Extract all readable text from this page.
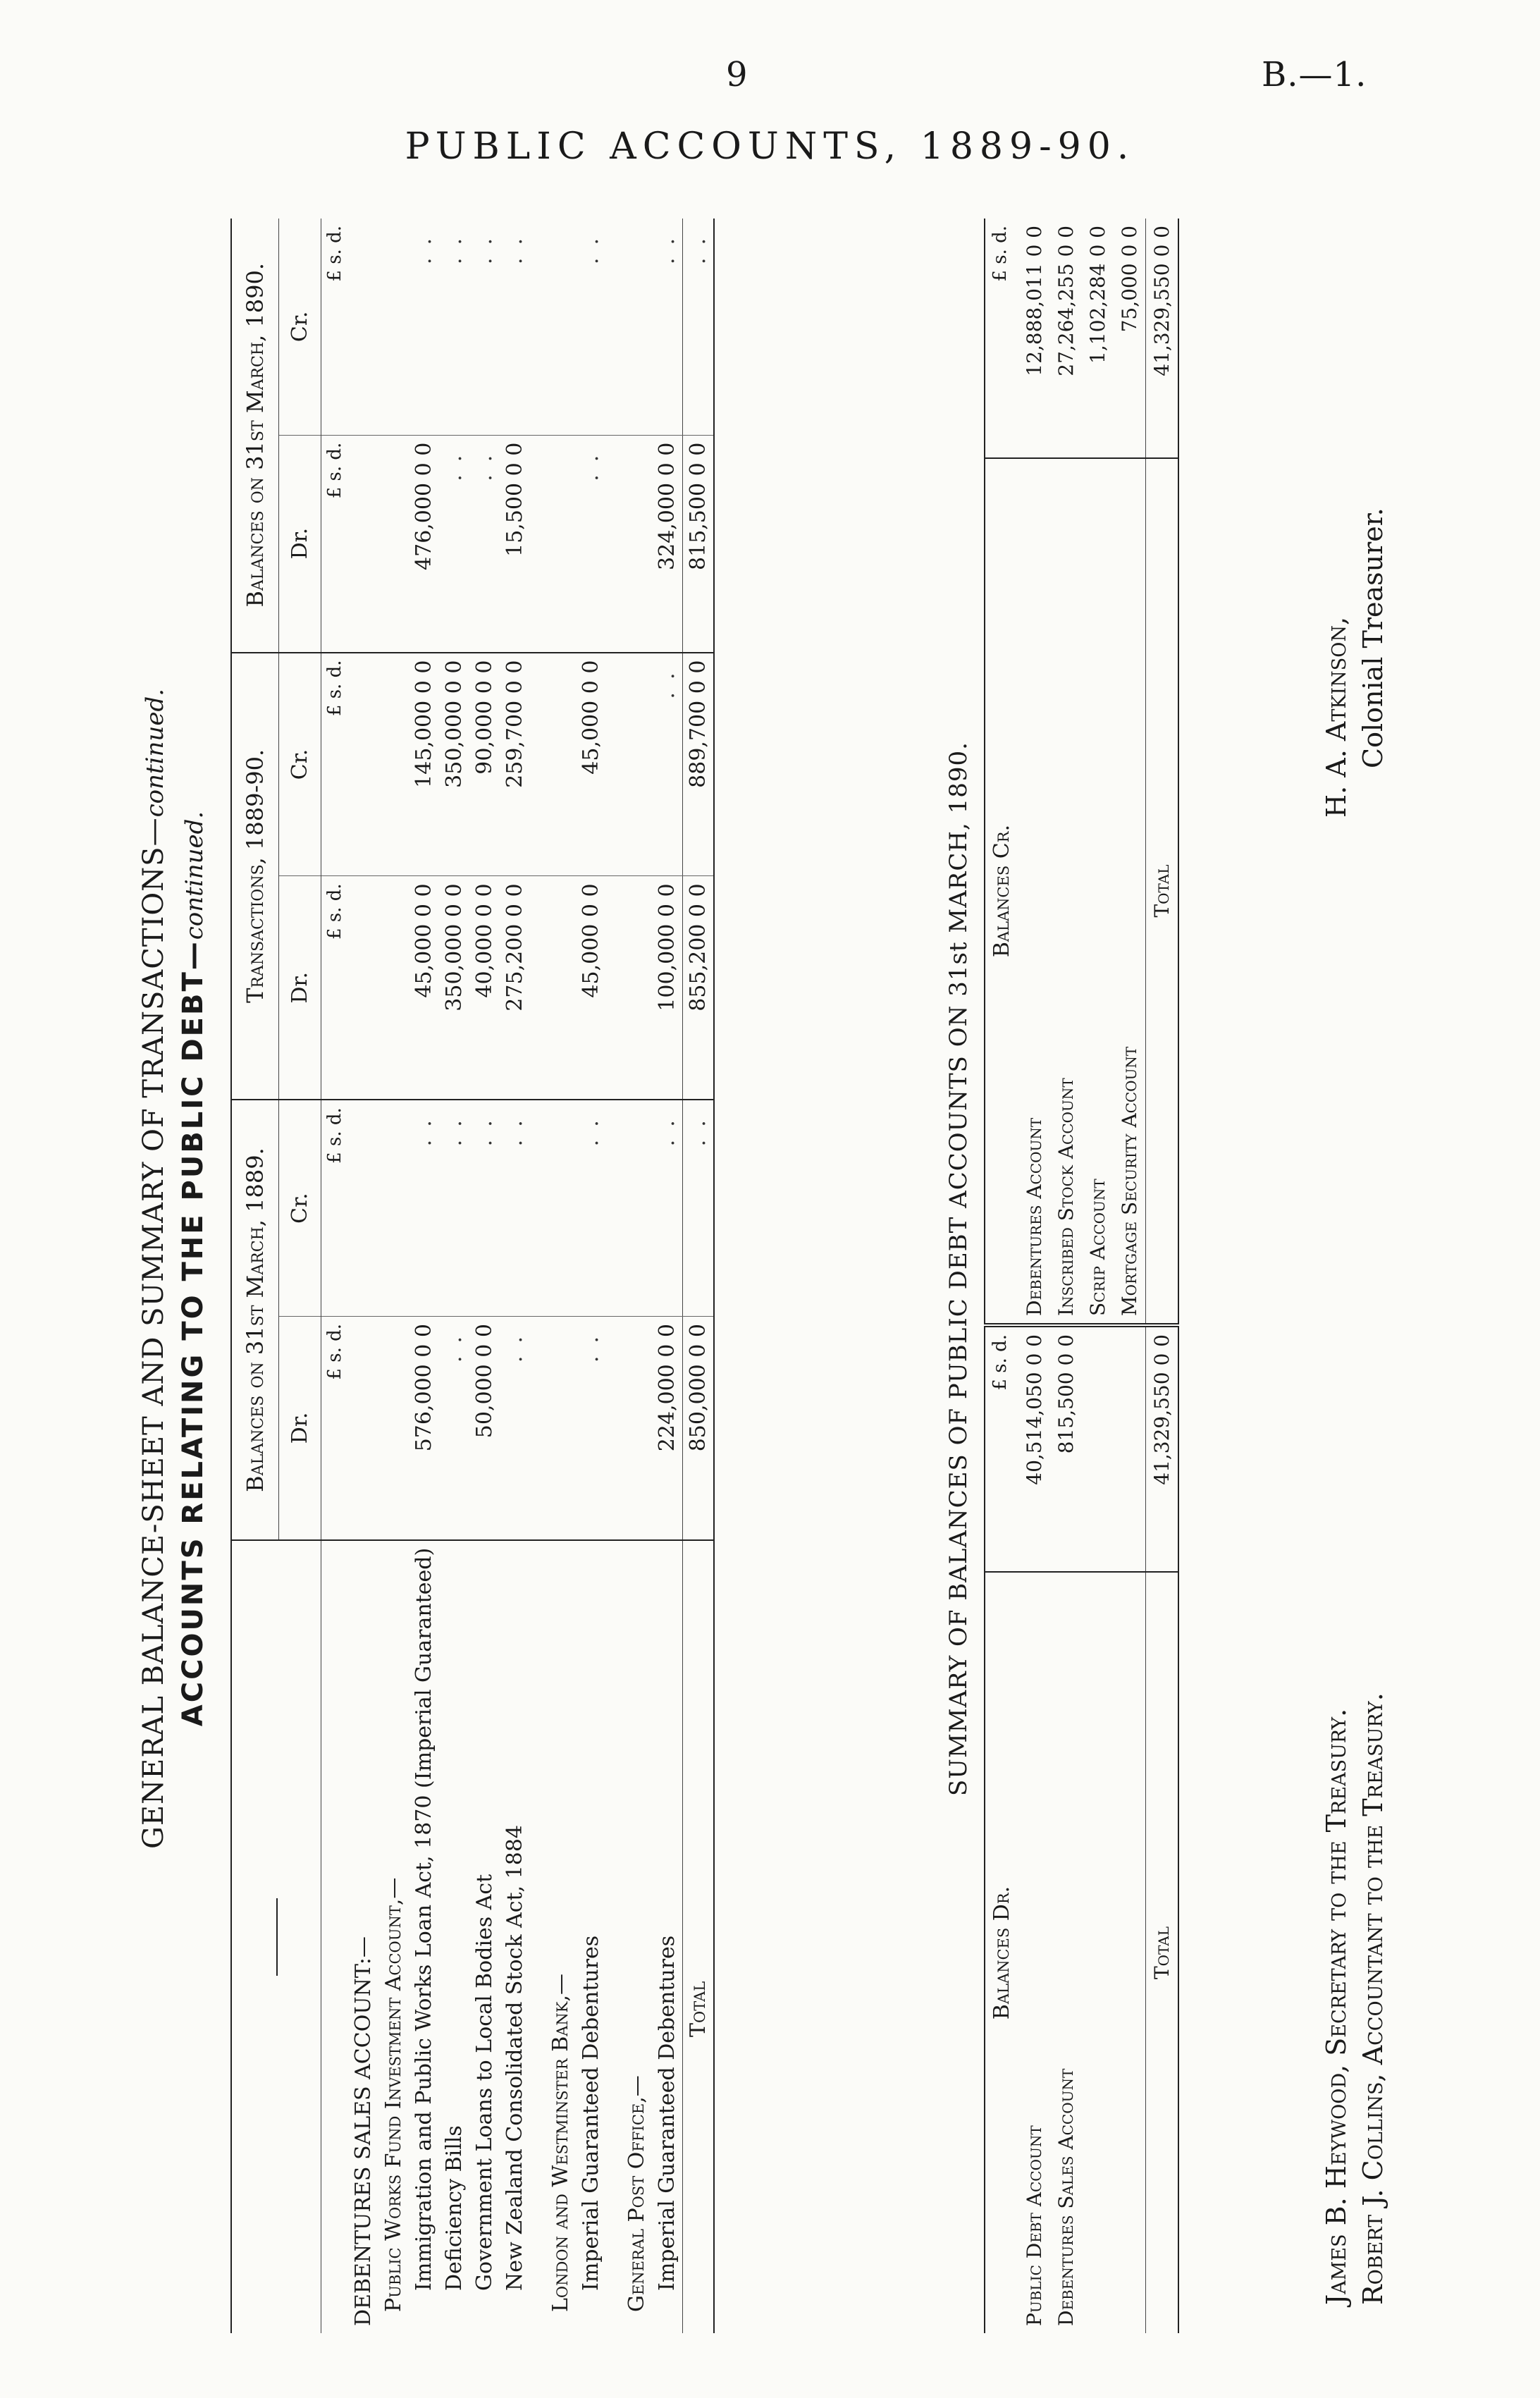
9	B.—1.
PUBLIC ACCOUNTS, 1889-90.
GENERAL BALANCE-SHEET AND SUMMARY OF TRANSACTIONS—continued.
ACCOUNTS RELATING TO THE PUBLIC DEBT—continued.
	Balances on 31st March, 1889.		Transactions, 1889-90.		Balances on 31st March, 1890.	
	Dr.	Cr.	Dr.	Cr.	Dr.	Cr.
	£ s. d.	£ s. d.	£ s. d.	£ s. d.	£ s. d.	£ s. d.
DEBENTURES SALES ACCOUNT:—						
Public Works Fund Investment Account,—						
Immigration and Public Works Loan Act, 1870 (Imperial Guaranteed)	576,000 0 0	..	45,000 0 0	145,000 0 0	476,000 0 0	..
Deficiency Bills	..	..	350,000 0 0	350,000 0 0	..	..
Government Loans to Local Bodies Act	50,000 0 0	..	40,000 0 0	90,000 0 0	..	..
New Zealand Consolidated Stock Act, 1884	..	..	275,200 0 0	259,700 0 0	15,500 0 0	..
London and Westminster Bank,—						
Imperial Guaranteed Debentures	..	..	45,000 0 0	45,000 0 0	..	..
General Post Office,—						
Imperial Guaranteed Debentures	224,000 0 0	..	100,000 0 0	..	324,000 0 0	..
Total	850,000 0 0	..	855,200 0 0	889,700 0 0	815,500 0 0	..
SUMMARY OF BALANCES OF PUBLIC DEBT ACCOUNTS ON 31st MARCH, 1890.
Balances Dr.	£ s. d.	Balances Cr.	£ s. d.
Public Debt Account	40,514,050 0 0	Debentures Account	12,888,011 0 0
Debentures Sales Account	815,500 0 0	Inscribed Stock Account	27,264,255 0 0
		Scrip Account	1,102,284 0 0
		Mortgage Security Account	75,000 0 0
Total	41,329,550 0 0	Total	41,329,550 0 0
James B. Heywood, Secretary to the Treasury. Robert J. Collins, Accountant to the Treasury.
H. A. Atkinson, Colonial Treasurer.
